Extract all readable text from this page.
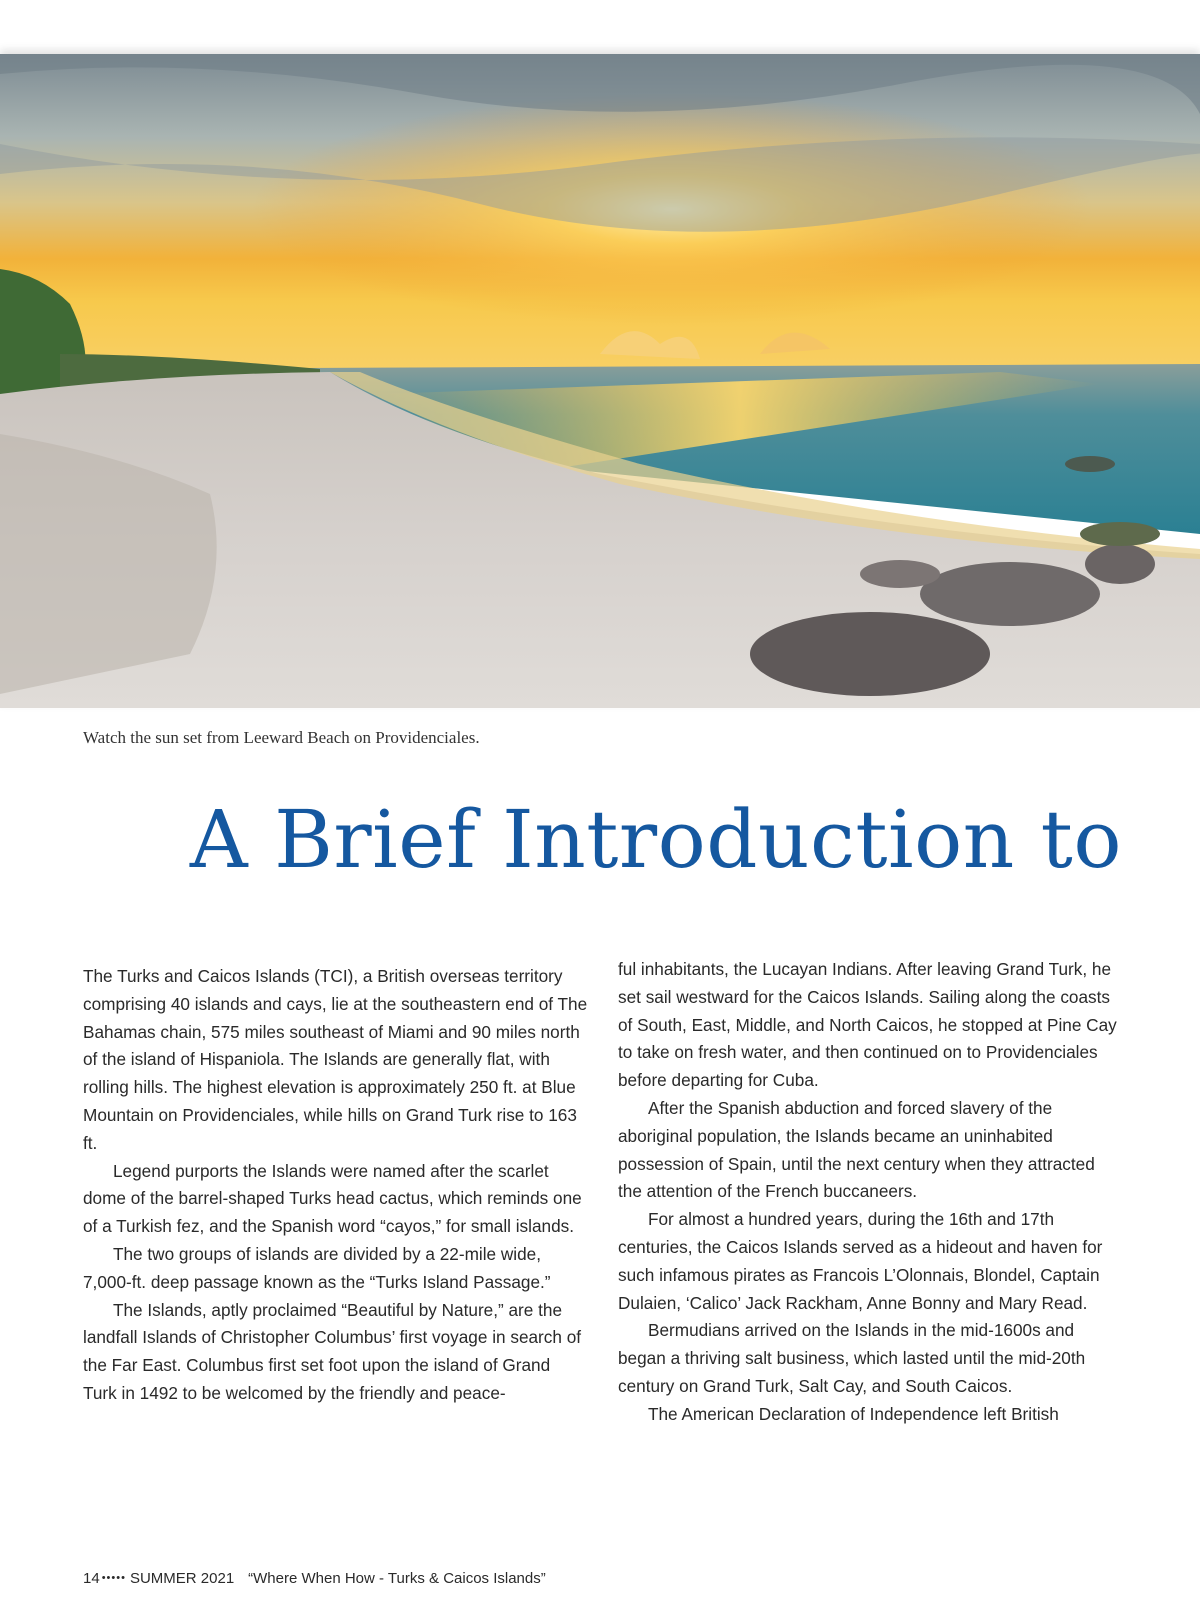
Watch the sun set from Leeward Beach on Providenciales.
A Brief Introduction to

The Turks and Caicos Islands (TCI), a British overseas territory comprising 40 islands and cays, lie at the southeastern end of The Bahamas chain, 575 miles southeast of Miami and 90 miles north of the island of Hispaniola. The Islands are generally flat, with rolling hills. The highest elevation is approximately 250 ft. at Blue Mountain on Providenciales, while hills on Grand Turk rise to 163 ft.

Legend purports the Islands were named after the scarlet dome of the barrel-shaped Turks head cactus, which reminds one of a Turkish fez, and the Spanish word “cayos,” for small islands.

The two groups of islands are divided by a 22-mile wide, 7,000-ft. deep passage known as the “Turks Island Passage.”

The Islands, aptly proclaimed “Beautiful by Nature,” are the landfall Islands of Christopher Columbus’ first voyage in search of the Far East. Columbus first set foot upon the island of Grand Turk in 1492 to be welcomed by the friendly and peace-

ful inhabitants, the Lucayan Indians. After leaving Grand Turk, he set sail westward for the Caicos Islands. Sailing along the coasts of South, East, Middle, and North Caicos, he stopped at Pine Cay to take on fresh water, and then continued on to Providenciales before departing for Cuba.

After the Spanish abduction and forced slavery of the aboriginal population, the Islands became an uninhabited possession of Spain, until the next century when they attracted the attention of the French buccaneers.

For almost a hundred years, during the 16th and 17th centuries, the Caicos Islands served as a hideout and haven for such infamous pirates as Francois L’Olonnais, Blondel, Captain Dulaien, ‘Calico’ Jack Rackham, Anne Bonny and Mary Read.

Bermudians arrived on the Islands in the mid-1600s and began a thriving salt business, which lasted until the mid-20th century on Grand Turk, Salt Cay, and South Caicos.

The American Declaration of Independence left British

14 ••••• SUMMER 2021 “Where When How - Turks & Caicos Islands”
